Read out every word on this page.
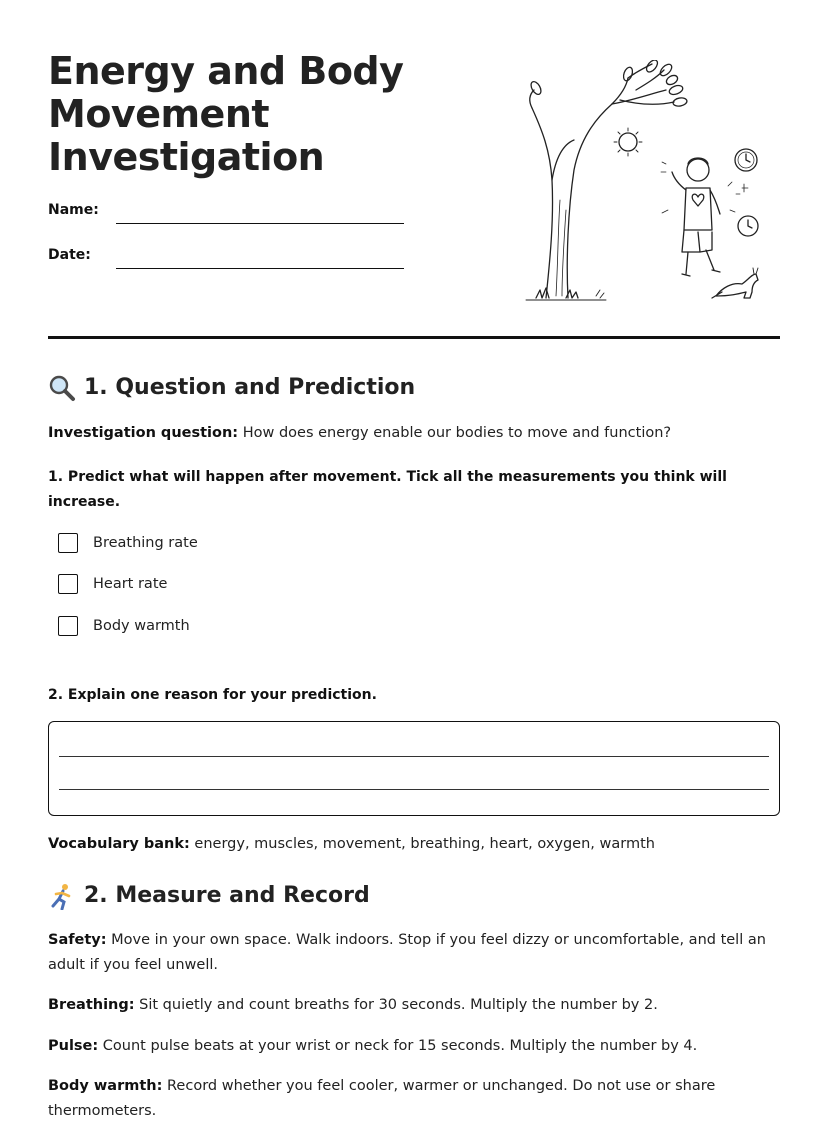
Energy and Body Movement Investigation
Name:
Date:
1. Question and Prediction

Investigation question: How does energy enable our bodies to move and function?

1. Predict what will happen after movement. Tick all the measurements you think will increase.

Breathing rate
Heart rate
Body warmth

2. Explain one reason for your prediction.

Vocabulary bank: energy, muscles, movement, breathing, heart, oxygen, warmth

2. Measure and Record

Safety: Move in your own space. Walk indoors. Stop if you feel dizzy or uncomfortable, and tell an adult if you feel unwell.

Breathing: Sit quietly and count breaths for 30 seconds. Multiply the number by 2.

Pulse: Count pulse beats at your wrist or neck for 15 seconds. Multiply the number by 4.

Body warmth: Record whether you feel cooler, warmer or unchanged. Do not use or share thermometers.
